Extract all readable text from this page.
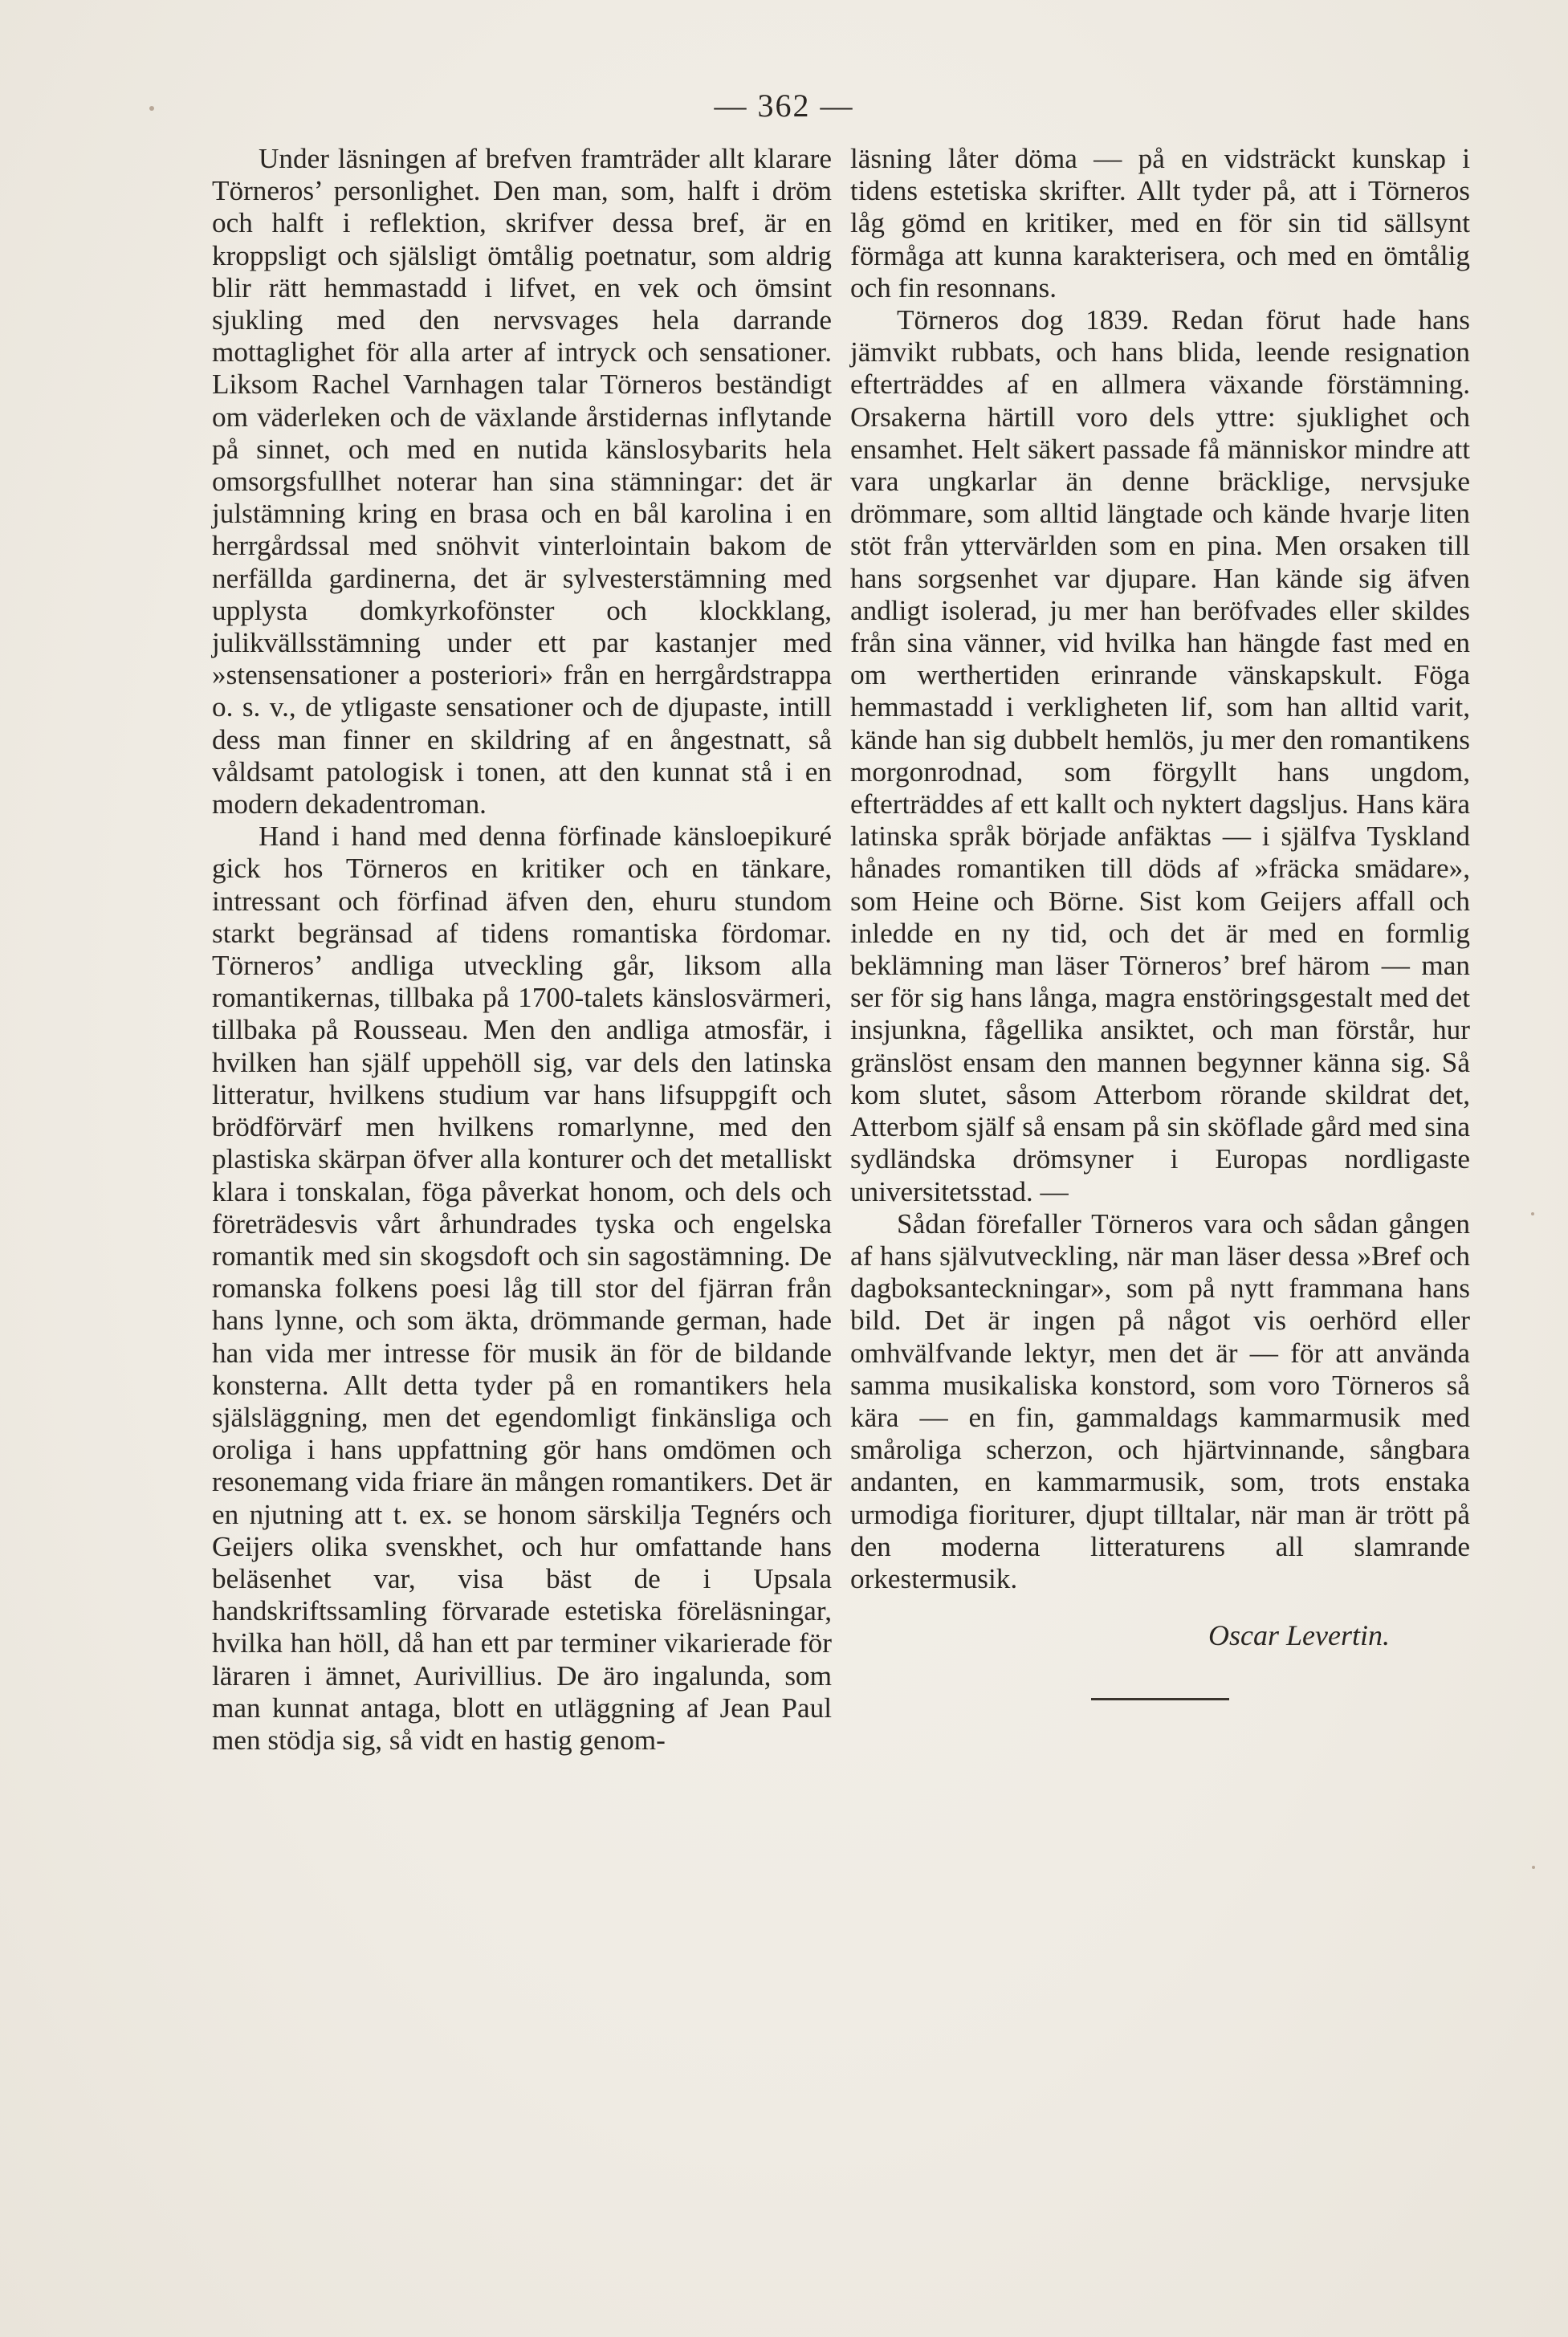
— 362 —

Under läsningen af brefven framträder allt klarare Törneros’ personlighet. Den man, som, halft i dröm och halft i reflektion, skrifver dessa bref, är en kroppsligt och själsligt ömtålig poetnatur, som aldrig blir rätt hemmastadd i lifvet, en vek och ömsint sjukling med den nervsvages hela darrande mottaglighet för alla arter af intryck och sensationer. Liksom Rachel Varnhagen talar Törneros beständigt om väderleken och de växlande årstidernas inflytande på sinnet, och med en nutida känslosybarits hela omsorgsfullhet noterar han sina stämningar: det är julstämning kring en brasa och en bål karolina i en herrgårdssal med snöhvit vinterlointain bakom de nerfällda gardinerna, det är sylvesterstämning med upplysta domkyrkofönster och klockklang, julikvällsstämning under ett par kastanjer med »stensensationer a posteriori» från en herrgårdstrappa o. s. v., de ytligaste sensationer och de djupaste, intill dess man finner en skildring af en ångestnatt, så våldsamt patologisk i tonen, att den kunnat stå i en modern dekadentroman.

Hand i hand med denna förfinade känsloepikuré gick hos Törneros en kritiker och en tänkare, intressant och förfinad äfven den, ehuru stundom starkt begränsad af tidens romantiska fördomar. Törneros’ andliga utveckling går, liksom alla romantikernas, tillbaka på 1700-talets känslosvärmeri, tillbaka på Rousseau. Men den andliga atmosfär, i hvilken han själf uppehöll sig, var dels den latinska litteratur, hvilkens studium var hans lifsuppgift och brödförvärf men hvilkens romarlynne, med den plastiska skärpan öfver alla konturer och det metalliskt klara i tonskalan, föga påverkat honom, och dels och företrädesvis vårt århundrades tyska och engelska romantik med sin skogsdoft och sin sagostämning. De romanska folkens poesi låg till stor del fjärran från hans lynne, och som äkta, drömmande german, hade han vida mer intresse för musik än för de bildande konsterna. Allt detta tyder på en romantikers hela själsläggning, men det egendomligt finkänsliga och oroliga i hans uppfattning gör hans omdömen och resonemang vida friare än mången romantikers. Det är en njutning att t. ex. se honom särskilja Tegnérs och Geijers olika svenskhet, och hur omfattande hans beläsenhet var, visa bäst de i Upsala handskriftssamling förvarade estetiska föreläsningar, hvilka han höll, då han ett par terminer vikarierade för läraren i ämnet, Aurivillius. De äro ingalunda, som man kunnat antaga, blott en utläggning af Jean Paul men stödja sig, så vidt en hastig genom-

läsning låter döma — på en vidsträckt kunskap i tidens estetiska skrifter. Allt tyder på, att i Törneros låg gömd en kritiker, med en för sin tid sällsynt förmåga att kunna karakterisera, och med en ömtålig och fin resonnans.

Törneros dog 1839. Redan förut hade hans jämvikt rubbats, och hans blida, leende resignation efterträddes af en allmera växande förstämning. Orsakerna härtill voro dels yttre: sjuklighet och ensamhet. Helt säkert passade få människor mindre att vara ungkarlar än denne bräcklige, nervsjuke drömmare, som alltid längtade och kände hvarje liten stöt från yttervärlden som en pina. Men orsaken till hans sorgsenhet var djupare. Han kände sig äfven andligt isolerad, ju mer han beröfvades eller skildes från sina vänner, vid hvilka han hängde fast med en om werthertiden erinrande vänskapskult. Föga hemmastadd i verkligheten lif, som han alltid varit, kände han sig dubbelt hemlös, ju mer den romantikens morgonrodnad, som förgyllt hans ungdom, efterträddes af ett kallt och nyktert dagsljus. Hans kära latinska språk började anfäktas — i själfva Tyskland hånades romantiken till döds af »fräcka smädare», som Heine och Börne. Sist kom Geijers affall och inledde en ny tid, och det är med en formlig beklämning man läser Törneros’ bref härom — man ser för sig hans långa, magra enstöringsgestalt med det insjunkna, fågellika ansiktet, och man förstår, hur gränslöst ensam den mannen begynner känna sig. Så kom slutet, såsom Atterbom rörande skildrat det, Atterbom själf så ensam på sin sköflade gård med sina sydländska drömsyner i Europas nordligaste universitetsstad. —

Sådan förefaller Törneros vara och sådan gången af hans självutveckling, när man läser dessa »Bref och dagboksanteckningar», som på nytt frammana hans bild. Det är ingen på något vis oerhörd eller omhvälfvande lektyr, men det är — för att använda samma musikaliska konstord, som voro Törneros så kära — en fin, gammaldags kammarmusik med småroliga scherzon, och hjärtvinnande, sångbara andanten, en kammarmusik, som, trots enstaka urmodiga fioriturer, djupt tilltalar, när man är trött på den moderna litteraturens all slamrande orkestermusik.

Oscar Levertin.
